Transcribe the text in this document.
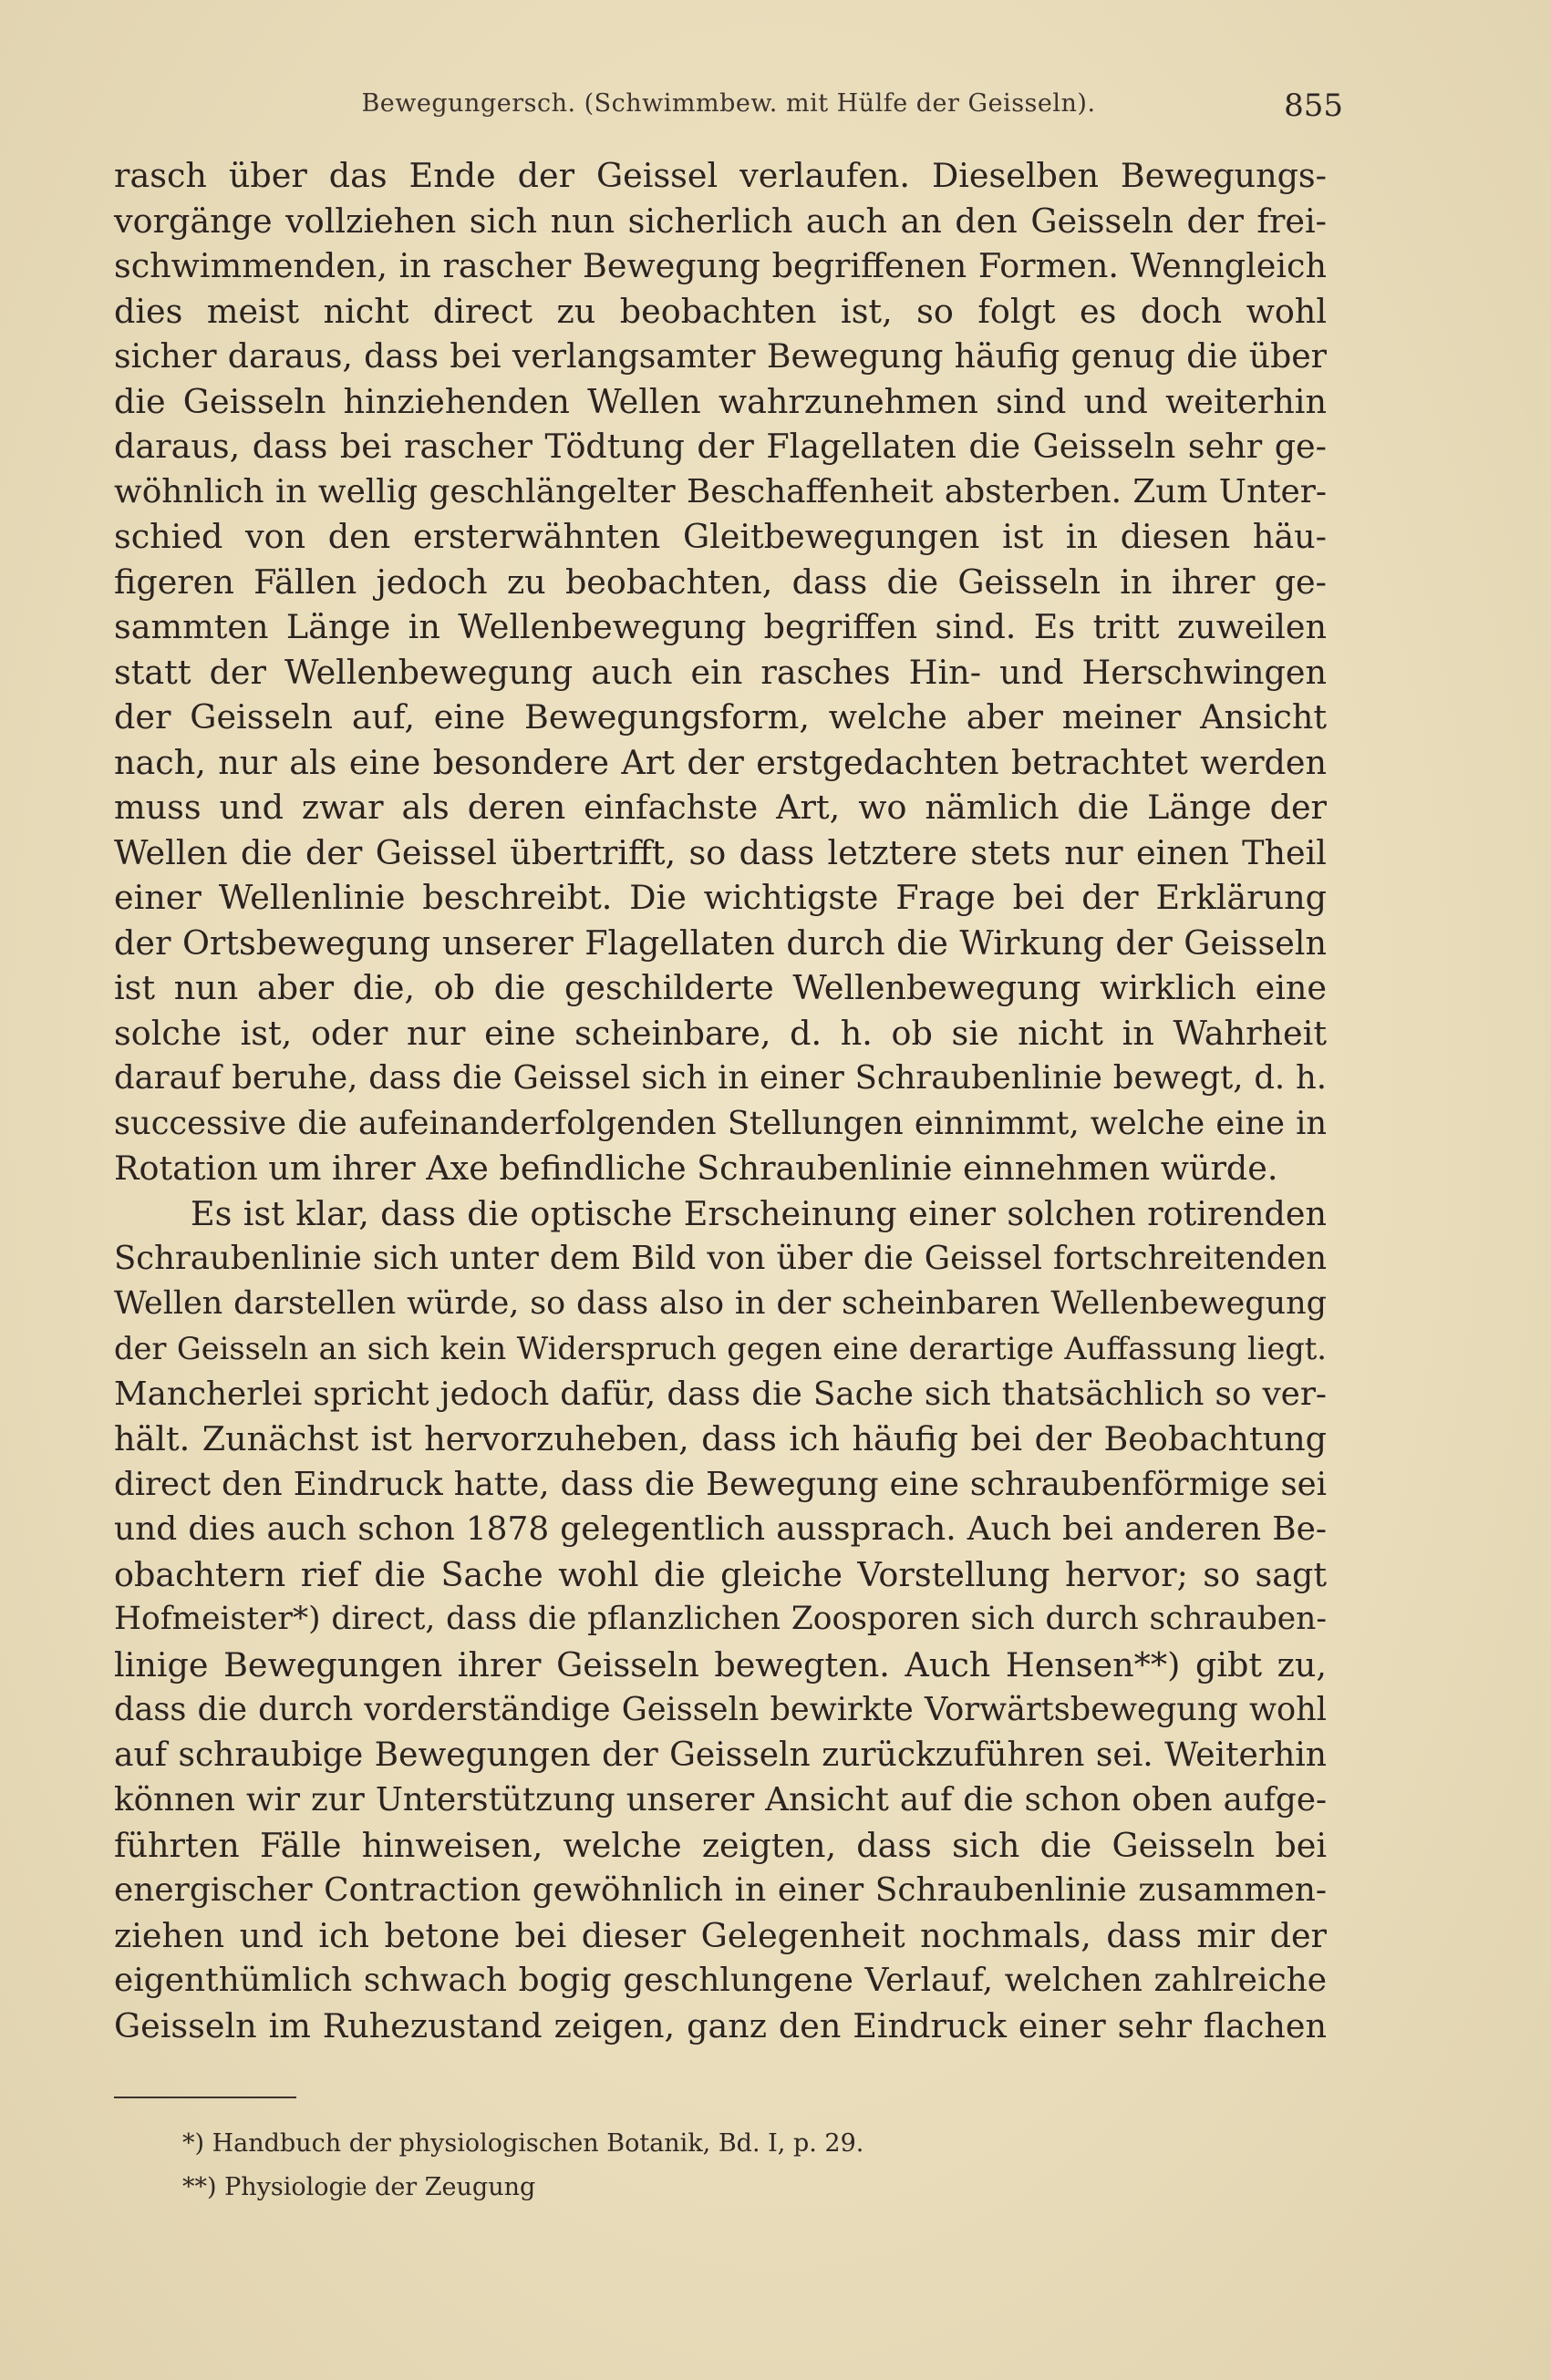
Bewegungersch. (Schwimmbew. mit Hülfe der Geisseln).	855
rasch über das Ende der Geissel verlaufen. Dieselben Bewegungs-
vorgänge vollziehen sich nun sicherlich auch an den Geisseln der frei-
schwimmenden, in rascher Bewegung begriffenen Formen. Wenngleich
dies meist nicht direct zu beobachten ist, so folgt es doch wohl
sicher daraus, dass bei verlangsamter Bewegung häufig genug die über
die Geisseln hinziehenden Wellen wahrzunehmen sind und weiterhin
daraus, dass bei rascher Tödtung der Flagellaten die Geisseln sehr ge-
wöhnlich in wellig geschlängelter Beschaffenheit absterben. Zum Unter-
schied von den ersterwähnten Gleitbewegungen ist in diesen häu-
figeren Fällen jedoch zu beobachten, dass die Geisseln in ihrer ge-
sammten Länge in Wellenbewegung begriffen sind. Es tritt zuweilen
statt der Wellenbewegung auch ein rasches Hin- und Herschwingen
der Geisseln auf, eine Bewegungsform, welche aber meiner Ansicht
nach, nur als eine besondere Art der erstgedachten betrachtet werden
muss und zwar als deren einfachste Art, wo nämlich die Länge der
Wellen die der Geissel übertrifft, so dass letztere stets nur einen Theil
einer Wellenlinie beschreibt. Die wichtigste Frage bei der Erklärung
der Ortsbewegung unserer Flagellaten durch die Wirkung der Geisseln
ist nun aber die, ob die geschilderte Wellenbewegung wirklich eine
solche ist, oder nur eine scheinbare, d. h. ob sie nicht in Wahrheit
darauf beruhe, dass die Geissel sich in einer Schraubenlinie bewegt, d. h.
successive die aufeinanderfolgenden Stellungen einnimmt, welche eine in
Rotation um ihrer Axe befindliche Schraubenlinie einnehmen würde.
Es ist klar, dass die optische Erscheinung einer solchen rotirenden
Schraubenlinie sich unter dem Bild von über die Geissel fortschreitenden
Wellen darstellen würde, so dass also in der scheinbaren Wellenbewegung
der Geisseln an sich kein Widerspruch gegen eine derartige Auffassung liegt.
Mancherlei spricht jedoch dafür, dass die Sache sich thatsächlich so ver-
hält. Zunächst ist hervorzuheben, dass ich häufig bei der Beobachtung
direct den Eindruck hatte, dass die Bewegung eine schraubenförmige sei
und dies auch schon 1878 gelegentlich aussprach. Auch bei anderen Be-
obachtern rief die Sache wohl die gleiche Vorstellung hervor; so sagt
Hofmeister*) direct, dass die pflanzlichen Zoosporen sich durch schrauben-
linige Bewegungen ihrer Geisseln bewegten. Auch Hensen**) gibt zu,
dass die durch vorderständige Geisseln bewirkte Vorwärtsbewegung wohl
auf schraubige Bewegungen der Geisseln zurückzuführen sei. Weiterhin
können wir zur Unterstützung unserer Ansicht auf die schon oben aufge-
führten Fälle hinweisen, welche zeigten, dass sich die Geisseln bei
energischer Contraction gewöhnlich in einer Schraubenlinie zusammen-
ziehen und ich betone bei dieser Gelegenheit nochmals, dass mir der
eigenthümlich schwach bogig geschlungene Verlauf, welchen zahlreiche
Geisseln im Ruhezustand zeigen, ganz den Eindruck einer sehr flachen
*) Handbuch der physiologischen Botanik, Bd. I, p. 29.
**) Physiologie der Zeugung
